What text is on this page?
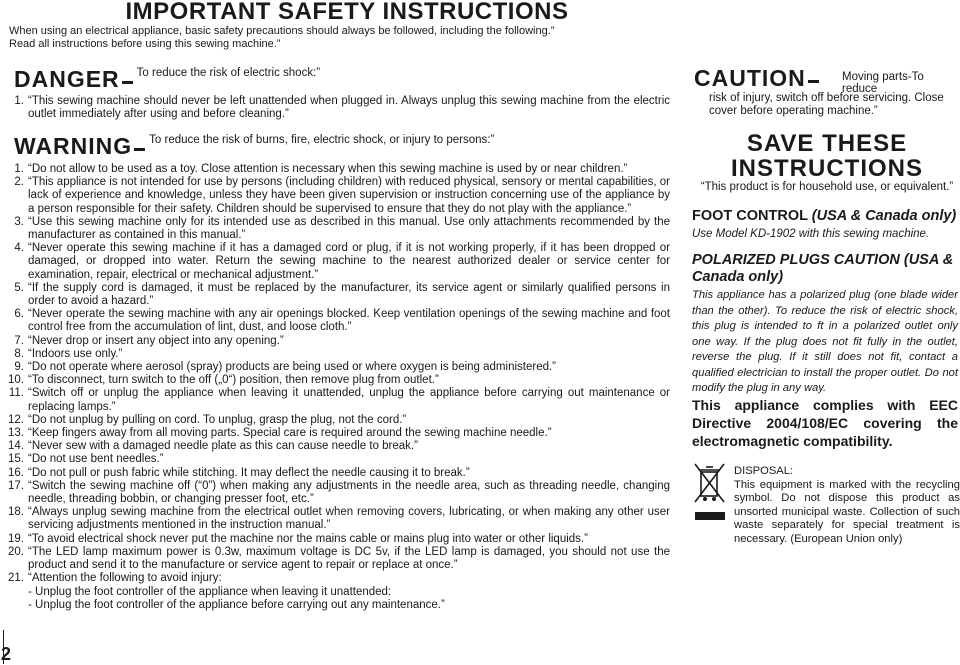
IMPORTANT SAFETY INSTRUCTIONS
When using an electrical appliance, basic safety precautions should always be followed, including the following.”
Read all instructions before using this sewing machine.”
DANGER $^{To reduce the risk of electric shock:”}$
1. “This sewing machine should never be left unattended when plugged in. Always unplug this sewing machine from the electric outlet immediately after using and before cleaning.”
WARNING $^{To reduce the risk of burns, fire, electric shock, or injury to persons:”}$
1. “Do not allow to be used as a toy. Close attention is necessary when this sewing machine is used by or near children.”
2. “This appliance is not intended for use by persons (including children) with reduced physical, sensory or mental capabilities, or lack of experience and knowledge, unless they have been given supervision or instruction concerning use of the appliance by a person responsible for their safety. Children should be supervised to ensure that they do not play with the appliance.”
3. “Use this sewing machine only for its intended use as described in this manual. Use only attachments recommended by the manufacturer as contained in this manual.”
4. “Never operate this sewing machine if it has a damaged cord or plug, if it is not working properly, if it has been dropped or damaged, or dropped into water. Return the sewing machine to the nearest authorized dealer or service center for examination, repair, electrical or mechanical adjustment.”
5. “If the supply cord is damaged, it must be replaced by the manufacturer, its service agent or similarly qualified persons in order to avoid a hazard.”
6. “Never operate the sewing machine with any air openings blocked. Keep ventilation openings of the sewing machine and foot control free from the accumulation of lint, dust, and loose cloth.”
7. “Never drop or insert any object into any opening.”
8. “Indoors use only.”
9. “Do not operate where aerosol (spray) products are being used or where oxygen is being administered.”
10. “To disconnect, turn switch to the off („0“) position, then remove plug from outlet.”
11. “Switch off or unplug the appliance when leaving it unattended, unplug the appliance before carrying out maintenance or replacing lamps.”
12. “Do not unplug by pulling on cord. To unplug, grasp the plug, not the cord.”
13. “Keep fingers away from all moving parts. Special care is required around the sewing machine needle.”
14. “Never sew with a damaged needle plate as this can cause needle to break.”
15. “Do not use bent needles.”
16. “Do not pull or push fabric while stitching. It may deflect the needle causing it to break.”
17. “Switch the sewing machine off (“0”) when making any adjustments in the needle area, such as threading needle, changing needle, threading bobbin, or changing presser foot, etc.”
18. “Always unplug sewing machine from the electrical outlet when removing covers, lubricating, or when making any other user servicing adjustments mentioned in the instruction manual.”
19. “To avoid electrical shock never put the machine nor the mains cable or mains plug into water or other liquids.”
20. “The LED lamp maximum power is 0.3w, maximum voltage is DC 5v, if the LED lamp is damaged, you should not use the product and send it to the manufacture or service agent to repair or replace at once.”
21. “Attention the following to avoid injury:
- Unplug the foot controller of the appliance when leaving it unattended:
- Unplug the foot controller of the appliance before carrying out any maintenance.”
2
CAUTION	Moving parts-To reduce
risk of injury, switch off before servicing. Close cover before operating machine.”
SAVE THESE
INSTRUCTIONS
“This product is for household use, or equivalent.”
FOOT CONTROL (USA & Canada only)
Use Model KD-1902 with this sewing machine.
POLARIZED PLUGS CAUTION (USA & Canada only)
This appliance has a polarized plug (one blade wider than the other). To reduce the risk of electric shock, this plug is intended to ft in a polarized outlet only one way. If the plug does not fit fully in the outlet, reverse the plug. If it still does not fit, contact a qualified electrician to install the proper outlet. Do not modify the plug in any way.
This appliance complies with EEC Directive 2004/108/EC covering the electromagnetic compatibility.
DISPOSAL:
This equipment is marked with the recycling symbol. Do not dispose this product as unsorted municipal waste. Collection of such waste separately for special treatment is necessary. (European Union only)
